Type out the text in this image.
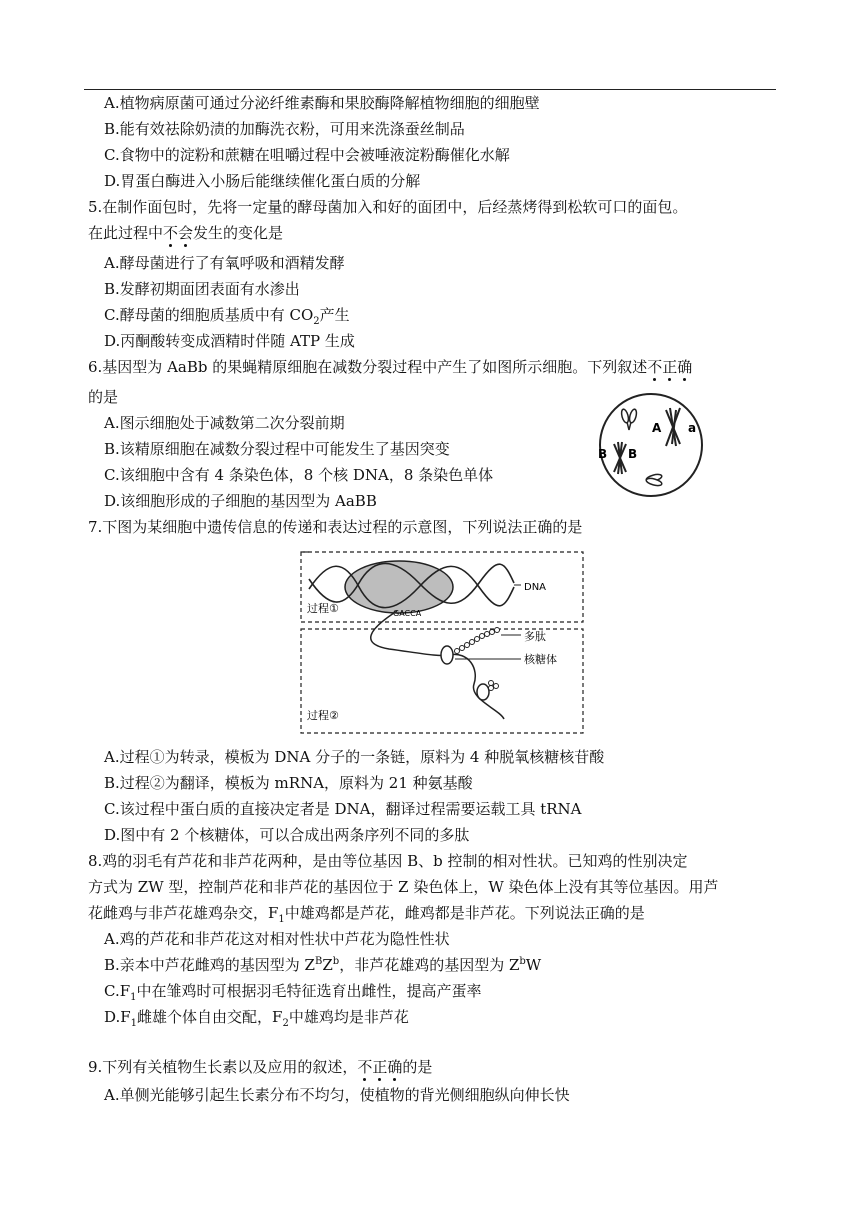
A.植物病原菌可通过分泌纤维素酶和果胶酶降解植物细胞的细胞壁
B.能有效祛除奶渍的加酶洗衣粉，可用来洗涤蚕丝制品
C.食物中的淀粉和蔗糖在咀嚼过程中会被唾液淀粉酶催化水解
D.胃蛋白酶进入小肠后能继续催化蛋白质的分解
5.在制作面包时，先将一定量的酵母菌加入和好的面团中，后经蒸烤得到松软可口的面包。
在此过程中不会发生的变化是
A.酵母菌进行了有氧呼吸和酒精发酵
B.发酵初期面团表面有水渗出
C.酵母菌的细胞质基质中有 $CO_2$产生
D.丙酮酸转变成酒精时伴随 ATP 生成
6.基因型为 AaBb 的果蝇精原细胞在减数分裂过程中产生了如图所示细胞。下列叙述不正确
的是
A.图示细胞处于减数第二次分裂前期
B.该精原细胞在减数分裂过程中可能发生了基因突变
C.该细胞中含有 4 条染色体，8 个核 DNA，8 条染色单体
D.该细胞形成的子细胞的基因型为 AaBB
A a
B B
7.下图为某细胞中遗传信息的传递和表达过程的示意图，下列说法正确的是
DNA
过程①	GACCA
多肽
核糖体
过程②
A.过程①为转录，模板为 DNA 分子的一条链，原料为 4 种脱氧核糖核苷酸
B.过程②为翻译，模板为 mRNA，原料为 21 种氨基酸
C.该过程中蛋白质的直接决定者是 DNA，翻译过程需要运载工具 tRNA
D.图中有 2 个核糖体，可以合成出两条序列不同的多肽
8.鸡的羽毛有芦花和非芦花两种，是由等位基因 B、b 控制的相对性状。已知鸡的性别决定
方式为 ZW 型，控制芦花和非芦花的基因位于 Z 染色体上，W 染色体上没有其等位基因。用芦
花雌鸡与非芦花雄鸡杂交，$F_1$中雄鸡都是芦花，雌鸡都是非芦花。下列说法正确的是
A.鸡的芦花和非芦花这对相对性状中芦花为隐性性状
B.亲本中芦花雌鸡的基因型为 $Z^BZ^b$，非芦花雄鸡的基因型为 $Z^bW$
$C.F_1$中在雏鸡时可根据羽毛特征选育出雌性，提高产蛋率
$D.F_1$雌雄个体自由交配，$F_2$中雄鸡均是非芦花
9.下列有关植物生长素以及应用的叙述，不正确的是
A.单侧光能够引起生长素分布不均匀，使植物的背光侧细胞纵向伸长快
